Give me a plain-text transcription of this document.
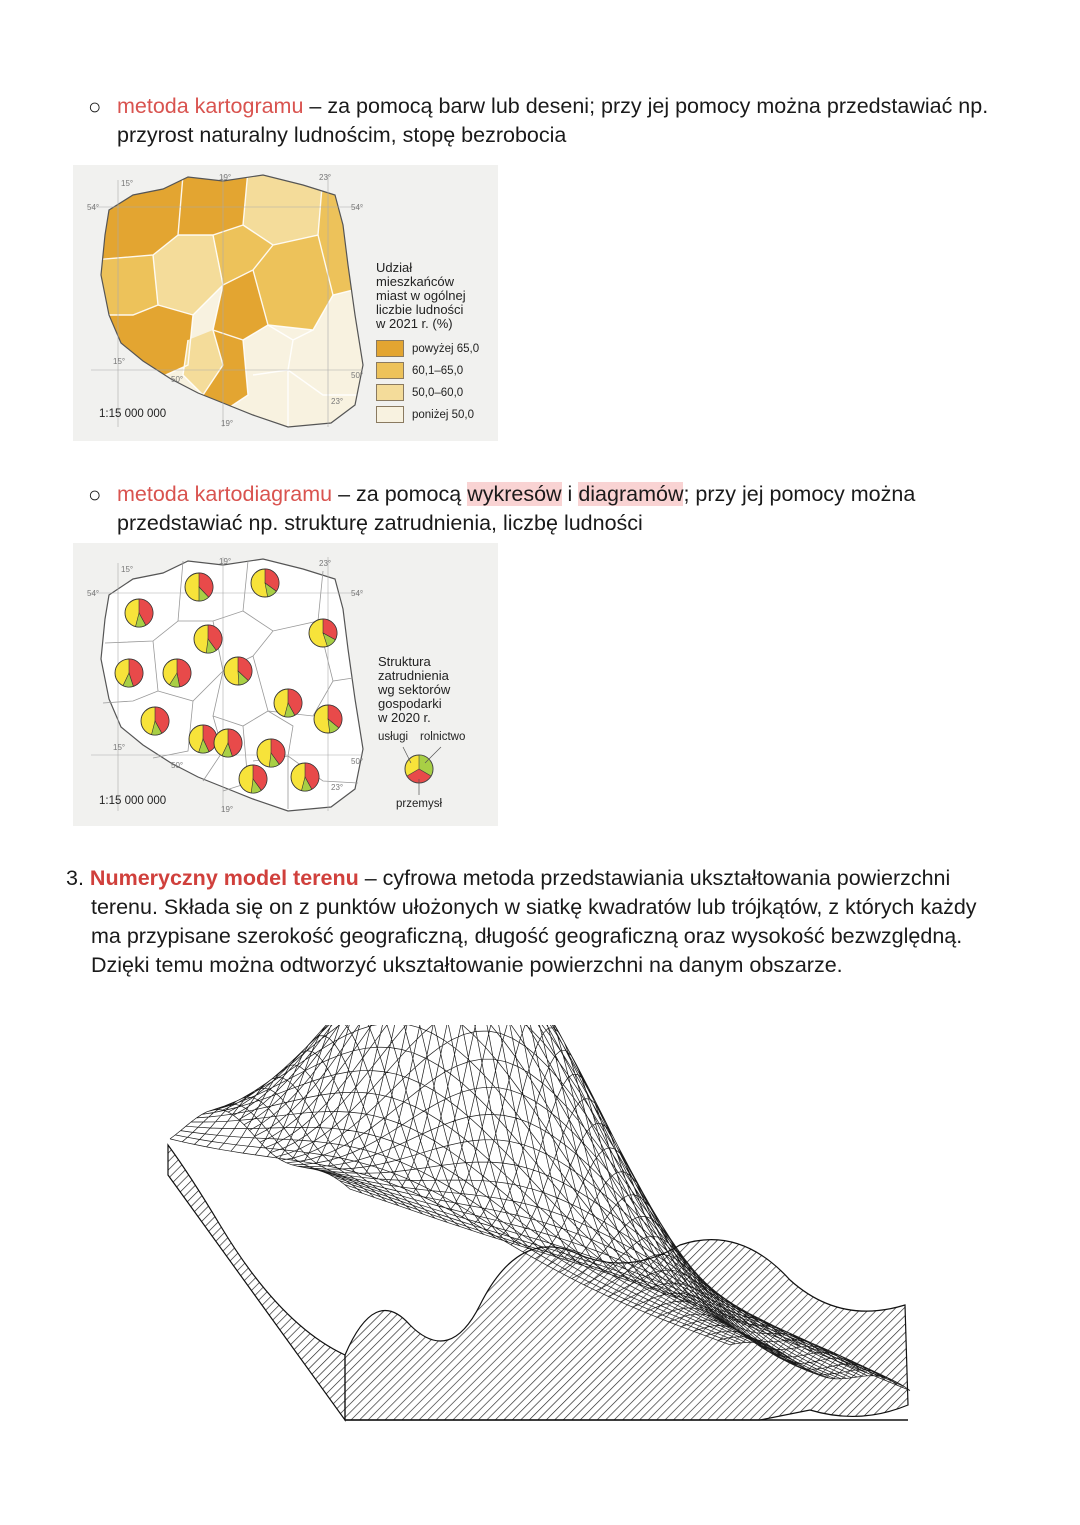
○ metoda kartogramu – za pomocą barw lub deseni; przy jej pomocy można przedstawiać np.
przyrost naturalny ludnościm, stopę bezrobocia
15°
19°	23°
54°	54°
50°
15°
50°
23°
19°
1:15 000 000
Udział
mieszkańców
miast w ogólnej
liczbie ludności
w 2021 r. (%)
powyżej 65,0
60,1–65,0
50,0–60,0
poniżej 50,0
○ metoda kartodiagramu – za pomocą wykresów i diagramów; przy jej pomocy można
przedstawiać np. strukturę zatrudnienia, liczbę ludności
15°
19°	23°
54°	54°
50°
15°
50°
23°
19°
1:15 000 000
Struktura
zatrudnienia
wg sektorów
gospodarki
w 2020 r.
usługi rolnictwo
przemysł
3. Numeryczny model terenu – cyfrowa metoda przedstawiania ukształtowania powierzchni
terenu. Składa się on z punktów ułożonych w siatkę kwadratów lub trójkątów, z których każdy
ma przypisane szerokość geograficzną, długość geograficzną oraz wysokość bezwzględną.
Dzięki temu można odtworzyć ukształtowanie powierzchni na danym obszarze.
